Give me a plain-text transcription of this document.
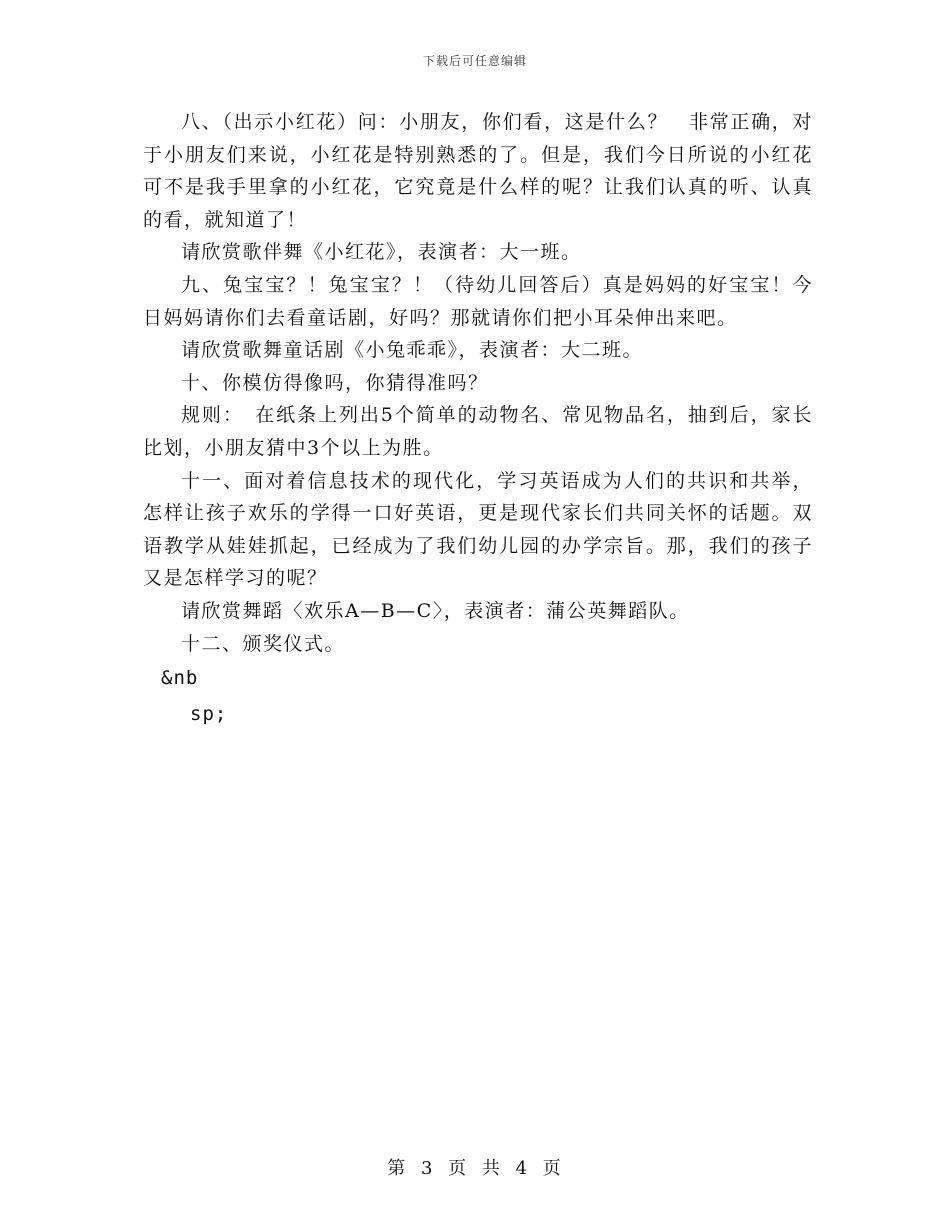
下载后可任意编辑

八、（出示小红花）问：小朋友，你们看，这是什么？　非常正确，对于小朋友们来说，小红花是特别熟悉的了。但是，我们今日所说的小红花可不是我手里拿的小红花，它究竟是什么样的呢？让我们认真的听、认真的看，就知道了！

请欣赏歌伴舞《小红花》，表演者：大一班。

九、兔宝宝？！兔宝宝？！（待幼儿回答后）真是妈妈的好宝宝！今日妈妈请你们去看童话剧，好吗？那就请你们把小耳朵伸出来吧。

请欣赏歌舞童话剧《小兔乖乖》，表演者：大二班。

十、你模仿得像吗，你猜得准吗？

规则：　在纸条上列出5个简单的动物名、常见物品名，抽到后，家长比划，小朋友猜中3个以上为胜。

十一、面对着信息技术的现代化，学习英语成为人们的共识和共举，怎样让孩子欢乐的学得一口好英语，更是现代家长们共同关怀的话题。双语教学从娃娃抓起，已经成为了我们幼儿园的办学宗旨。那，我们的孩子又是怎样学习的呢？

请欣赏舞蹈〈欢乐A—B—C〉，表演者：蒲公英舞蹈队。

十二、颁奖仪式。

&nb
sp;
第 3 页 共 4 页
